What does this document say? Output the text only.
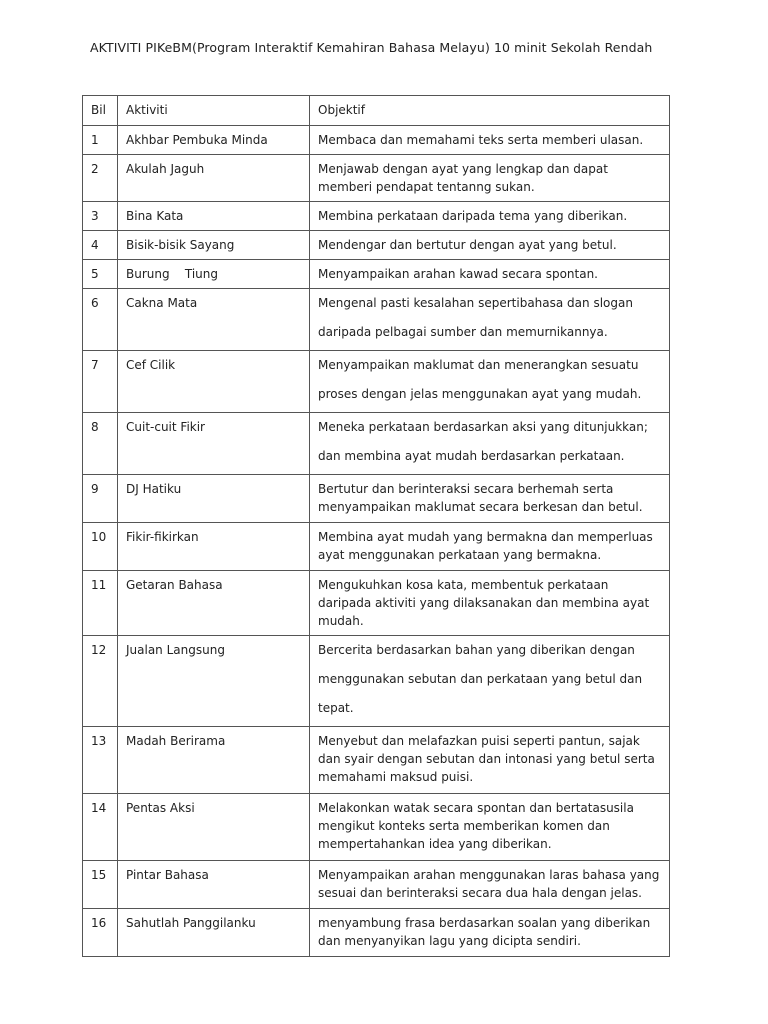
AKTIVITI PIKeBM(Program Interaktif Kemahiran Bahasa Melayu) 10 minit Sekolah Rendah
Bil	Aktiviti	Objektif
1	Akhbar Pembuka Minda	Membaca dan memahami teks serta memberi ulasan.
2	Akulah Jaguh	Menjawab dengan ayat yang lengkap dan dapat memberi pendapat tentanng sukan.
3	Bina Kata	Membina perkataan daripada tema yang diberikan.
4	Bisik-bisik Sayang	Mendengar dan bertutur dengan ayat yang betul.
5	Burung    Tiung	Menyampaikan arahan kawad secara spontan.
6	Cakna Mata	Mengenal pasti kesalahan sepertibahasa dan slogan daripada pelbagai sumber dan memurnikannya.
7	Cef Cilik	Menyampaikan maklumat dan menerangkan sesuatu proses dengan jelas menggunakan ayat yang mudah.
8	Cuit-cuit Fikir	Meneka perkataan berdasarkan aksi yang ditunjukkan; dan membina ayat mudah berdasarkan perkataan.
9	DJ Hatiku	Bertutur dan berinteraksi secara berhemah serta menyampaikan maklumat secara berkesan dan betul.
10	Fikir-fikirkan	Membina ayat mudah yang bermakna dan memperluas ayat menggunakan perkataan yang bermakna.
11	Getaran Bahasa	Mengukuhkan kosa kata, membentuk perkataan daripada aktiviti yang dilaksanakan dan membina ayat mudah.
12	Jualan Langsung	Bercerita berdasarkan bahan yang diberikan dengan menggunakan sebutan dan perkataan yang betul dan tepat.
13	Madah Berirama	Menyebut dan melafazkan puisi seperti pantun, sajak dan syair dengan sebutan dan intonasi yang betul serta memahami maksud puisi.
14	Pentas Aksi	Melakonkan watak secara spontan dan bertatasusila mengikut konteks serta memberikan komen dan mempertahankan idea yang diberikan.
15	Pintar Bahasa	Menyampaikan arahan menggunakan laras bahasa yang sesuai dan berinteraksi secara dua hala dengan jelas.
16	Sahutlah Panggilanku	menyambung frasa berdasarkan soalan yang diberikan dan menyanyikan lagu yang dicipta sendiri.
